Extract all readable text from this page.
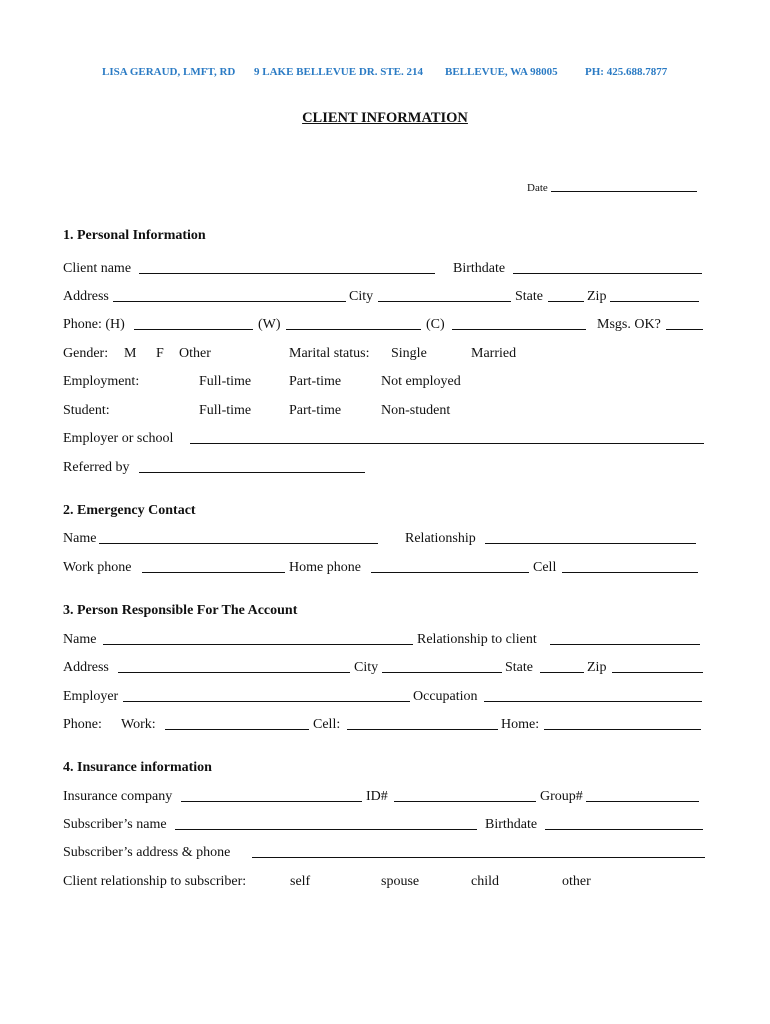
LISA GERAUD, LMFT, RD 9 LAKE BELLEVUE DR. STE. 214 BELLEVUE, WA 98005 PH: 425.688.7877
CLIENT INFORMATION
Date
1. Personal Information
Client name	Birthdate
Address	City	State	Zip
Phone: (H)	(W)	(C)	Msgs. OK?
Gender: M F Other	Marital status: Single	Married
Employment:	Full-time	Part-time	Not employed
Student:	Full-time	Part-time	Non-student
Employer or school
Referred by
2. Emergency Contact
Name	Relationship
Work phone	Home phone	Cell
3. Person Responsible For The Account
Name	Relationship to client
Address	City	State	Zip
Employer	Occupation
Phone: Work:	Cell:	Home:
4. Insurance information
Insurance company	ID#	Group#
Subscriber’s name	Birthdate
Subscriber’s address & phone
Client relationship to subscriber:	self	spouse	child	other
